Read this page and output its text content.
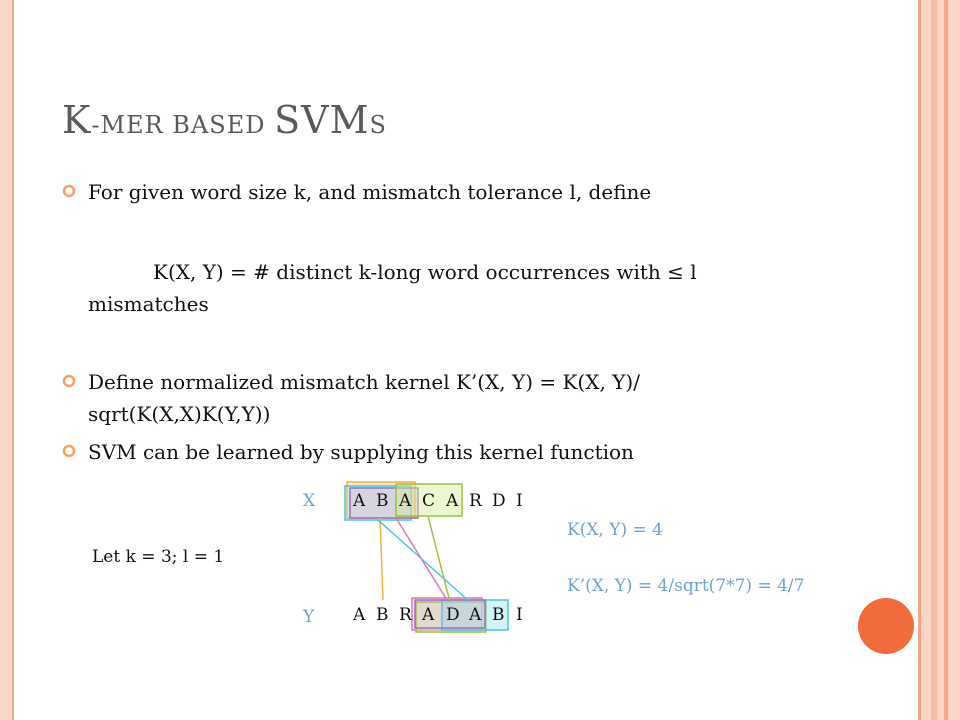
K-MER BASED SVMS
For given word size k, and mismatch tolerance l, define
K(X, Y) = # distinct k-long word occurrences with ≤ l
mismatches
Define normalized mismatch kernel K’(X, Y) = K(X, Y)/
sqrt(K(X,X)K(Y,Y))
SVM can be learned by supplying this kernel function
X
Y
A B A C A R D I
A B R A D A B I
Let k = 3; l = 1
K(X, Y) = 4
K’(X, Y) = 4/sqrt(7*7) = 4/7
